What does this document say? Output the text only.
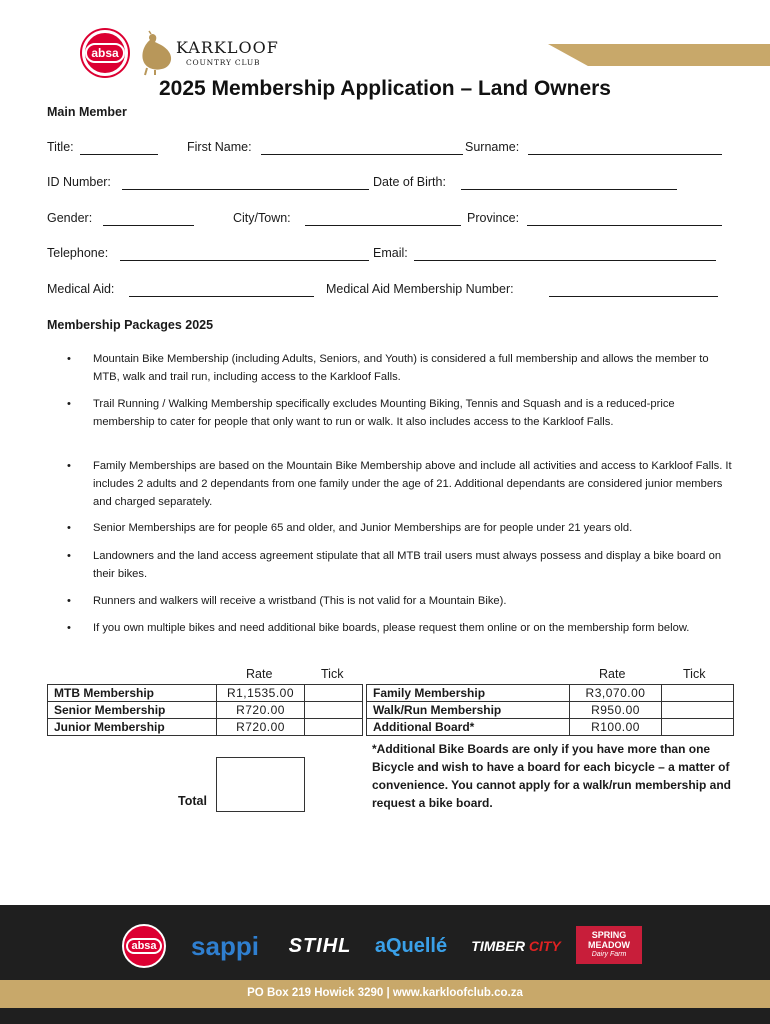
absa	KARKLOOF
COUNTRY CLUB
2025 Membership Application – Land Owners
Main Member
Title:	First Name:	Surname:
ID Number:	Date of Birth:
Gender:	City/Town:	Province:
Telephone:	Email:
Medical Aid:	Medical Aid Membership Number:
Membership Packages 2025
• Mountain Bike Membership (including Adults, Seniors, and Youth) is considered a full membership and allows the member to MTB, walk and trail run, including access to the Karkloof Falls.
• Trail Running / Walking Membership specifically excludes Mounting Biking, Tennis and Squash and is a reduced-price membership to cater for people that only want to run or walk. It also includes access to the Karkloof Falls.
• Family Memberships are based on the Mountain Bike Membership above and include all activities and access to Karkloof Falls. It includes 2 adults and 2 dependants from one family under the age of 21. Additional dependants are considered junior members and charged separately.
• Senior Memberships are for people 65 and older, and Junior Memberships are for people under 21 years old.
• Landowners and the land access agreement stipulate that all MTB trail users must always possess and display a bike board on their bikes.
• Runners and walkers will receive a wristband (This is not valid for a Mountain Bike).
• If you own multiple bikes and need additional bike boards, please request them online or on the membership form below.
Rate	Tick	Rate	Tick
MTB Membership	R1,1535.00
Senior Membership	R720.00
Junior Membership	R720.00
Family Membership	R3,070.00
Walk/Run Membership	R950.00
Additional Board*	R100.00
*Additional Bike Boards are only if you have more than one Bicycle and wish to have a board for each bicycle – a matter of convenience. You cannot apply for a walk/run membership and request a bike board.
Total
absa sappi	STIHL	aQuellé	TIMBER
CITY
SPRING MEADOW
Dairy Farm
PO Box 219 Howick 3290 | www.karkloofclub.co.za
